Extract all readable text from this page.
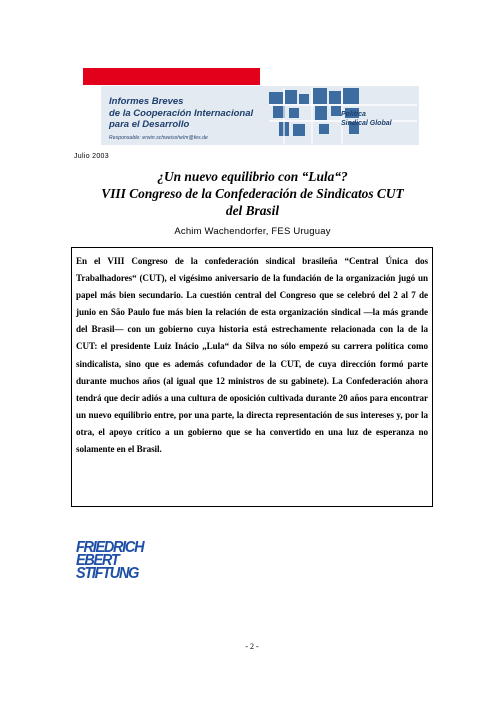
Informes Breves
de la Cooperación Internacional
para el Desarrollo
Responsable: erwin.schweisshelm@fes.de
Política
Sindical Global
Julio 2003
¿Un nuevo equilibrio con “Lula“?
VIII Congreso de la Confederación de Sindicatos CUT
del Brasil
Achim Wachendorfer, FES Uruguay

En el VIII Congreso de la confederación sindical brasileña “Central Única dos Trabalhadores“ (CUT), el vigésimo aniversario de la fundación de la organización jugó un papel más bien secundario. La cuestión central del Congreso que se celebró del 2 al 7 de junio en São Paulo fue más bien la relación de esta organización sindical —la más grande del Brasil— con un gobierno cuya historia está estrechamente relacionada con la de la CUT: el presidente Luiz Inácio „Lula“ da Silva no sólo empezó su carrera política como sindicalista, sino que es además cofundador de la CUT, de cuya dirección formó parte durante muchos años (al igual que 12 ministros de su gabinete). La Confederación ahora tendrá que decir adiós a una cultura de oposición cultivada durante 20 años para encontrar un nuevo equilibrio entre, por una parte, la directa representación de sus intereses y, por la otra, el apoyo crítico a un gobierno que se ha convertido en una luz de esperanza no solamente en el Brasil.

FRIEDRICH
EBERT
STIFTUNG
- 2 -
